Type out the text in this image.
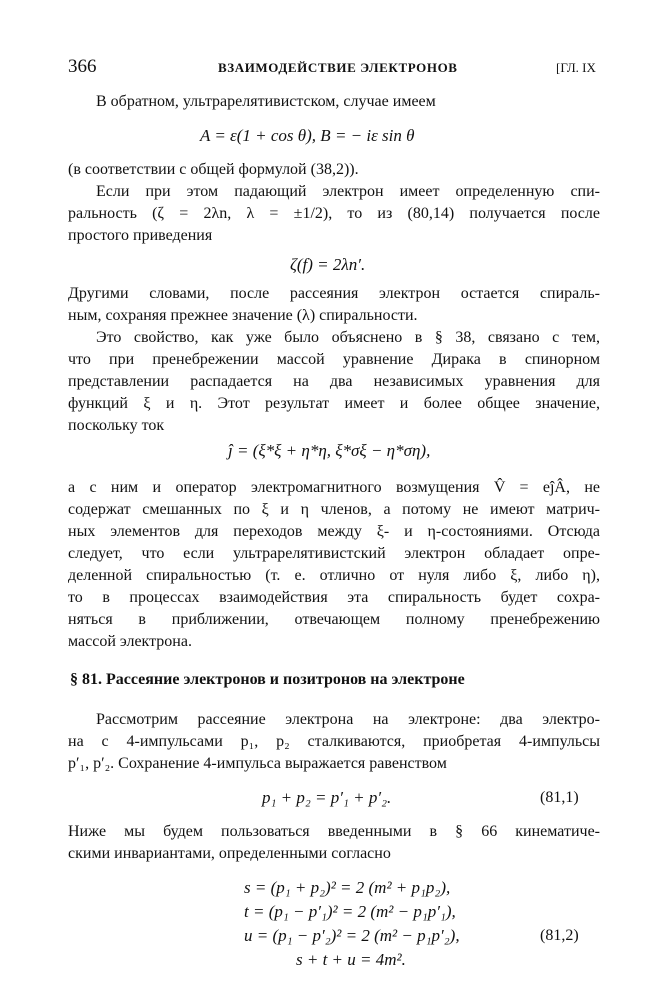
366	ВЗАИМОДЕЙСТВИЕ ЭЛЕКТРОНОВ	[ГЛ. IX
В обратном, ультрарелятивистском, случае имеем
A = ε(1 + cos θ), B = − iε sin θ
(в соответствии с общей формулой (38,2)).
Если при этом падающий электрон имеет определенную спи-
ральность (ζ = 2λn, λ = ±1/2), то из (80,14) получается после
простого приведения
ζ(f) = 2λn′.
Другими словами, после рассеяния электрон остается спираль-
ным, сохраняя прежнее значение (λ) спиральности.
Это свойство, как уже было объяснено в § 38, связано с тем,
что при пренебрежении массой уравнение Дирака в спинорном
представлении распадается на два независимых уравнения для
функций ξ и η. Этот результат имеет и более общее значение,
поскольку ток
ĵ = (ξ*ξ + η*η, ξ*σξ − η*ση),
а с ним и оператор электромагнитного возмущения V̂ = eĵÂ, не
содержат смешанных по ξ и η членов, а потому не имеют матрич-
ных элементов для переходов между ξ- и η-состояниями. Отсюда
следует, что если ультрарелятивистский электрон обладает опре-
деленной спиральностью (т. е. отлично от нуля либо ξ, либо η),
то в процессах взаимодействия эта спиральность будет сохра-
няться в приближении, отвечающем полному пренебрежению
массой электрона.
§ 81. Рассеяние электронов и позитронов на электроне
Рассмотрим рассеяние электрона на электроне: два электро-
на с 4-импульсами p₁, p₂ сталкиваются, приобретая 4-импульсы
p′₁, p′₂. Сохранение 4-импульса выражается равенством
p₁ + p₂ = p′₁ + p′₂.	(81,1)
Ниже мы будем пользоваться введенными в § 66 кинематиче-
скими инвариантами, определенными согласно
s = (p₁ + p₂)² = 2 (m² + p₁p₂),
t = (p₁ − p′₁)² = 2 (m² − p₁p′₁),
u = (p₁ − p′₂)² = 2 (m² − p₁p′₂),	(81,2)
s + t + u = 4m².
